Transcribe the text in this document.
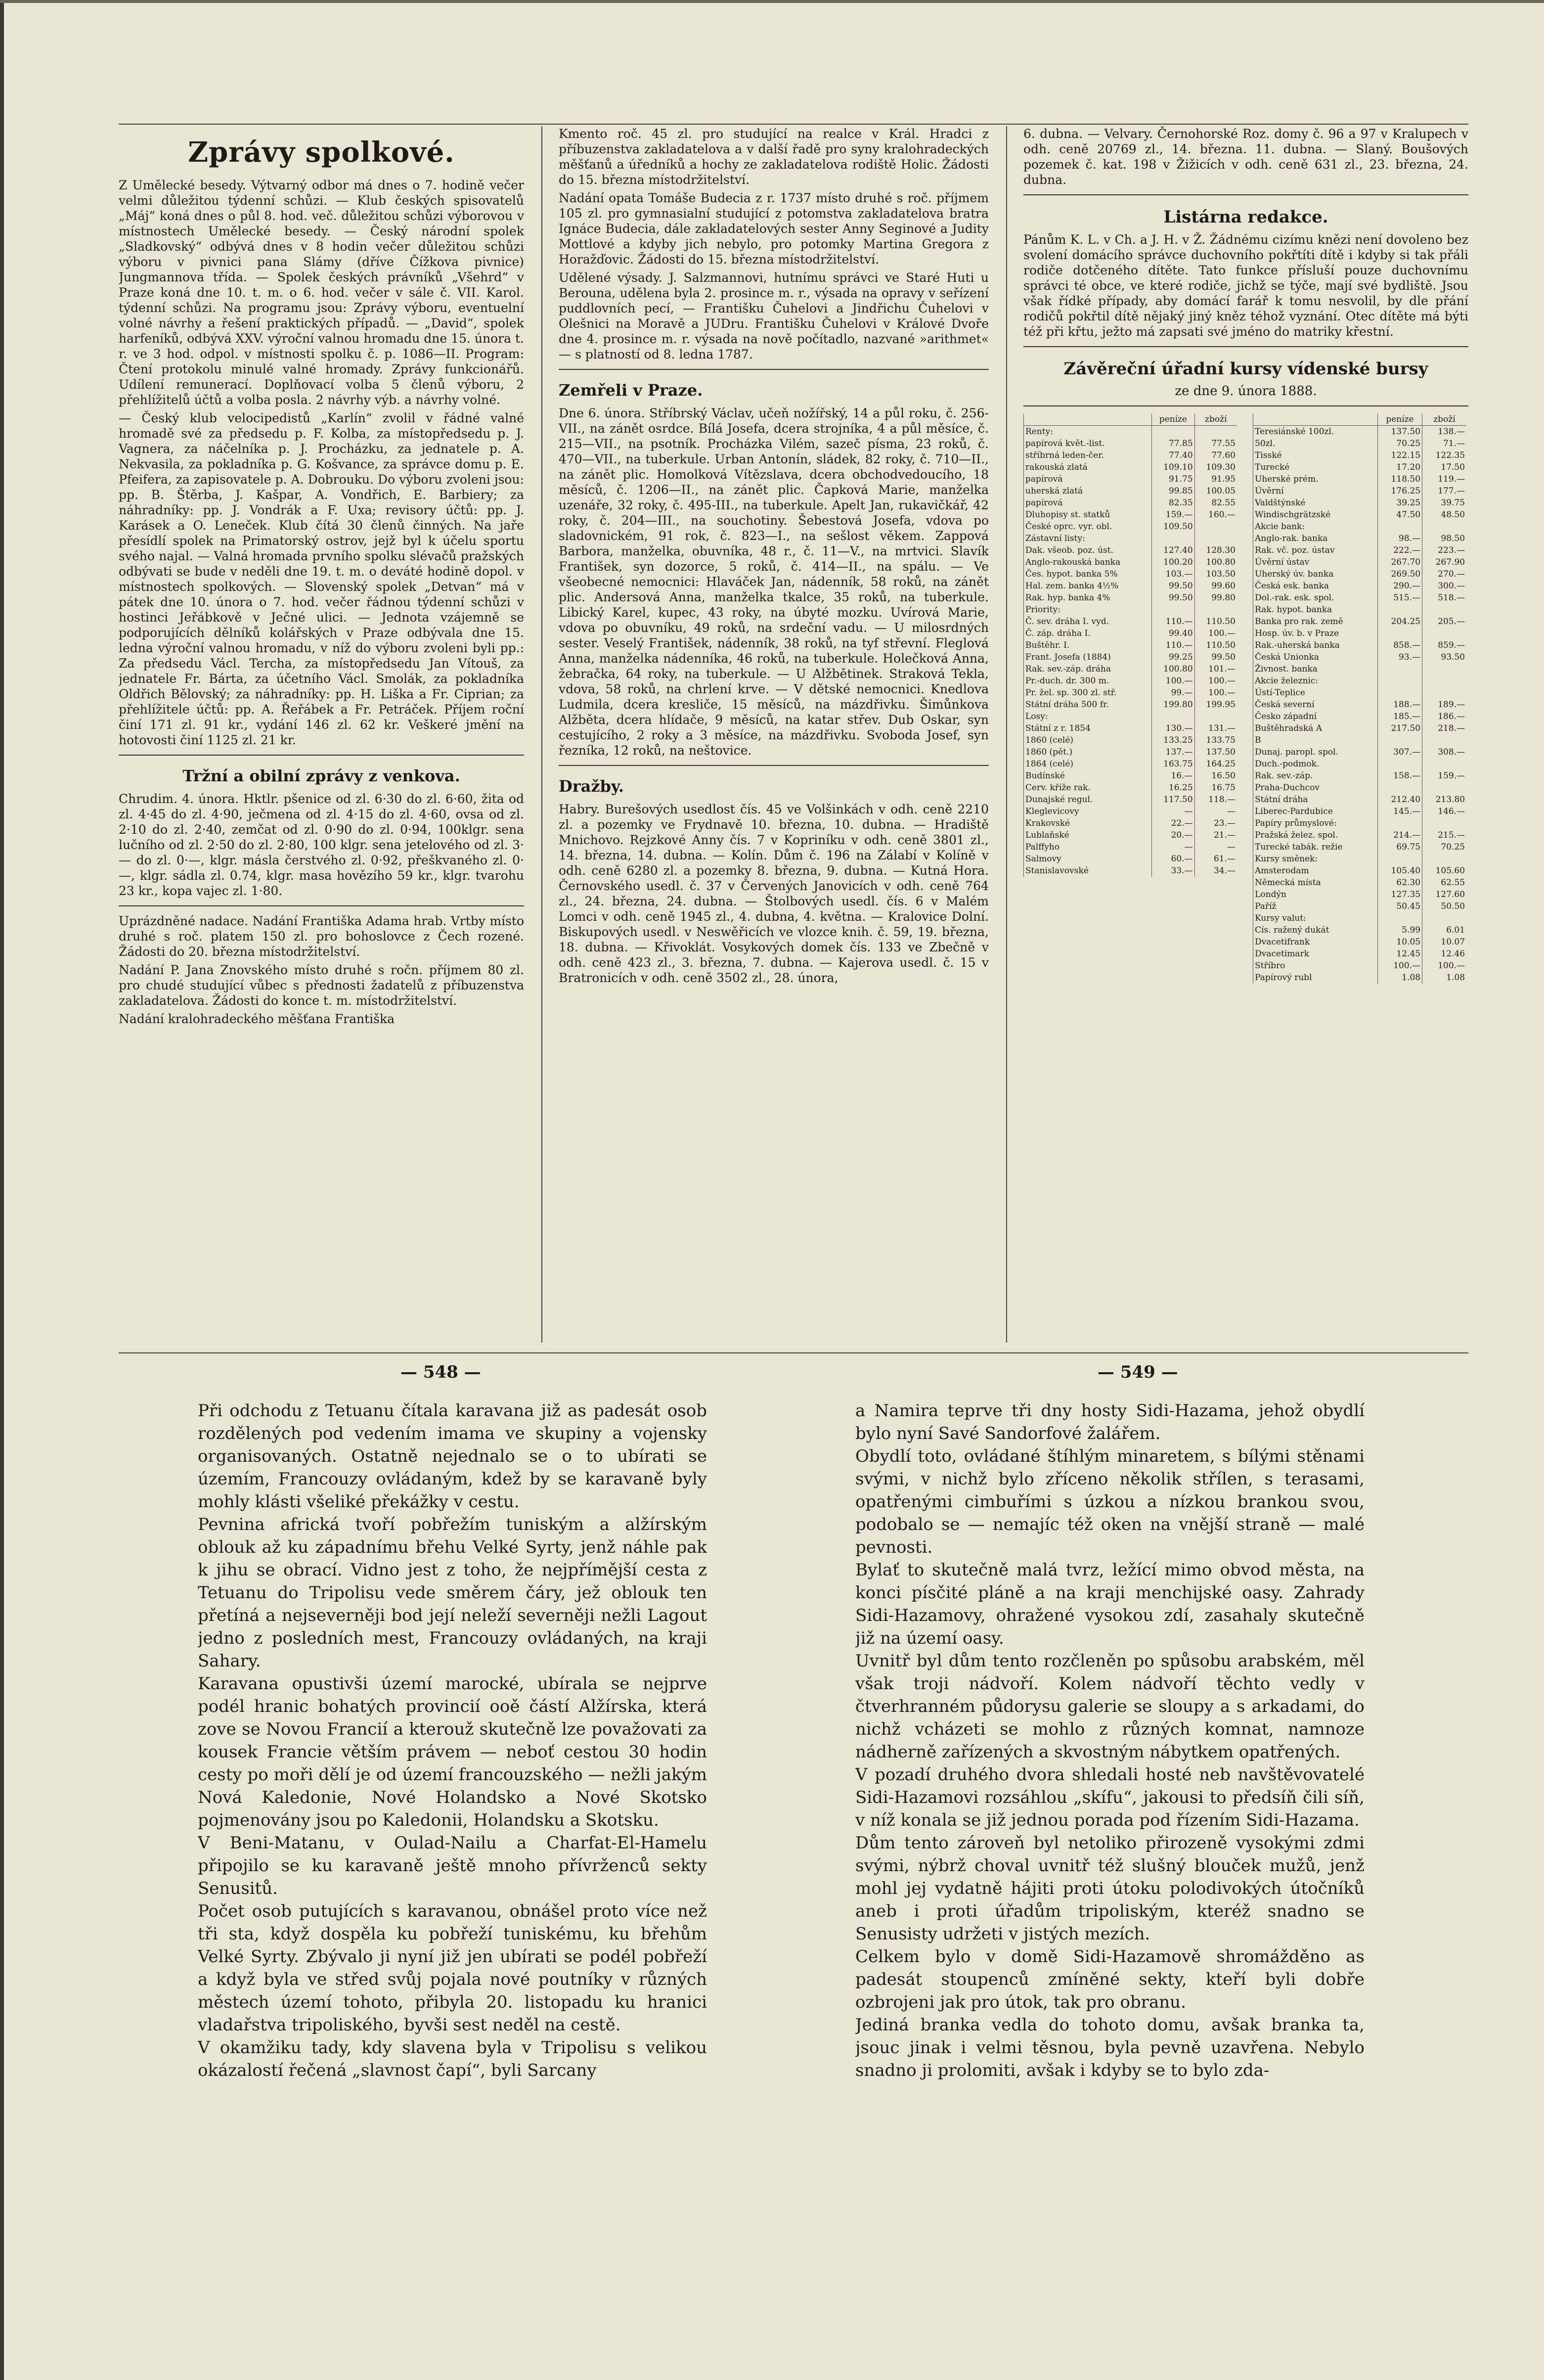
Zprávy spolkové.

Z Umělecké besedy. Výtvarný odbor má dnes o 7. hodině večer velmi důležitou týdenní schůzi. — Klub českých spisovatelů „Máj“ koná dnes o půl 8. hod. več. důležitou schůzi výborovou v místnostech Umělecké besedy. — Český národní spolek „Sladkovský“ odbývá dnes v 8 hodin večer důležitou schůzi výboru v pivnici pana Slámy (dříve Čížkova pivnice) Jungmannova třída. — Spolek českých právníků „Všehrd“ v Praze koná dne 10. t. m. o 6. hod. večer v sále č. VII. Karol. týdenní schůzi. Na programu jsou: Zprávy výboru, eventuelní volné návrhy a řešení praktických případů. — „David“, spolek harfeníků, odbývá XXV. výroční valnou hromadu dne 15. února t. r. ve 3 hod. odpol. v místnosti spolku č. p. 1086—II. Program: Čtení protokolu minulé valné hromady. Zprávy funkcionářů. Udílení remunerací. Doplňovací volba 5 členů výboru, 2 přehlížitelů účtů a volba posla. 2 návrhy výb. a návrhy volné.

— Český klub velocipedistů „Karlín“ zvolil v řádné valné hromadě své za předsedu p. F. Kolba, za místopředsedu p. J. Vagnera, za náčelníka p. J. Procházku, za jednatele p. A. Nekvasila, za pokladníka p. G. Košvance, za správce domu p. E. Pfeifera, za zapisovatele p. A. Dobrouku. Do výboru zvoleni jsou: pp. B. Štěrba, J. Kašpar, A. Vondřich, E. Barbiery; za náhradníky: pp. J. Vondrák a F. Uxa; revisory účtů: pp. J. Karásek a O. Leneček. Klub čítá 30 členů činných. Na jaře přesídlí spolek na Primatorský ostrov, jejž byl k účelu sportu svého najal. — Valná hromada prvního spolku slévačů pražských odbývati se bude v neděli dne 19. t. m. o deváté hodině dopol. v místnostech spolkových. — Slovenský spolek „Detvan“ má v pátek dne 10. února o 7. hod. večer řádnou týdenní schůzi v hostinci Jeřábkově v Ječné ulici. — Jednota vzájemně se podporujících dělníků kolářských v Praze odbývala dne 15. ledna výroční valnou hromadu, v níž do výboru zvoleni byli pp.: Za předsedu Václ. Tercha, za místopředsedu Jan Vítouš, za jednatele Fr. Bárta, za účetního Václ. Smolák, za pokladníka Oldřich Bělovský; za náhradníky: pp. H. Liška a Fr. Ciprian; za přehlížitele účtů: pp. A. Řeřábek a Fr. Petráček. Příjem roční činí 171 zl. 91 kr., vydání 146 zl. 62 kr. Veškeré jmění na hotovosti činí 1125 zl. 21 kr.

Tržní a obilní zprávy z venkova.

Chrudim. 4. února. Hktlr. pšenice od zl. 6·30 do zl. 6·60, žita od zl. 4·45 do zl. 4·90, ječmena od zl. 4·15 do zl. 4·60, ovsa od zl. 2·10 do zl. 2·40, zemčat od zl. 0·90 do zl. 0·94, 100klgr. sena lučního od zl. 2·50 do zl. 2·80, 100 klgr. sena jetelového od zl. 3·— do zl. 0·—, klgr. másla čerstvého zl. 0·92, přeškvaného zl. 0·—, klgr. sádla zl. 0.74, klgr. masa hovězího 59 kr., klgr. tvarohu 23 kr., kopa vajec zl. 1·80.

Uprázdněné nadace. Nadání Františka Adama hrab. Vrtby místo druhé s roč. platem 150 zl. pro bohoslovce z Čech rozené. Žádosti do 20. března místodržitelství.

Nadání P. Jana Znovského místo druhé s ročn. příjmem 80 zl. pro chudé studující vůbec s přednosti žadatelů z příbuzenstva zakladatelova. Žádosti do konce t. m. místodržitelství.

Nadání kralohradeckého měšťana Františka

Kmento roč. 45 zl. pro studující na realce v Král. Hradci z příbuzenstva zakladatelova a v další řadě pro syny kralohradeckých měšťanů a úředníků a hochy ze zakladatelova rodiště Holic. Žádosti do 15. března místodržitelství.

Nadání opata Tomáše Budecia z r. 1737 místo druhé s roč. příjmem 105 zl. pro gymnasialní studující z potomstva zakladatelova bratra Ignáce Budecia, dále zakladatelových sester Anny Seginové a Judity Mottlové a kdyby jich nebylo, pro potomky Martina Gregora z Horažďovic. Žádosti do 15. března místodržitelství.

Udělené výsady. J. Salzmannovi, hutnímu správci ve Staré Huti u Berouna, udělena byla 2. prosince m. r., výsada na opravy v seřízení puddlovních pecí, — Františku Čuhelovi a Jindřichu Čuhelovi v Olešnici na Moravě a JUDru. Františku Čuhelovi v Králové Dvoře dne 4. prosince m. r. výsada na nově počítadlo, nazvané »arithmet« — s platností od 8. ledna 1787.

Zemřeli v Praze.

Dne 6. února. Stříbrský Václav, učeň nožířský, 14 a půl roku, č. 256-VII., na zánět osrdce. Bílá Josefa, dcera strojníka, 4 a půl měsíce, č. 215—VII., na psotník. Procházka Vilém, sazeč písma, 23 roků, č. 470—VII., na tuberkule. Urban Antonín, sládek, 82 roky, č. 710—II., na zánět plic. Homolková Vítězslava, dcera obchodvedoucího, 18 měsíců, č. 1206—II., na zánět plic. Čapková Marie, manželka uzenáře, 32 roky, č. 495-III., na tuberkule. Apelt Jan, rukavičkář, 42 roky, č. 204—III., na souchotiny. Šebestová Josefa, vdova po sladovnickém, 91 rok, č. 823—I., na sešlost věkem. Zappová Barbora, manželka, obuvníka, 48 r., č. 11—V., na mrtvici. Slavík František, syn dozorce, 5 roků, č. 414—II., na spálu. — Ve všeobecné nemocnici: Hlaváček Jan, nádenník, 58 roků, na zánět plic. Andersová Anna, manželka tkalce, 35 roků, na tuberkule. Libický Karel, kupec, 43 roky, na úbyté mozku. Uvírová Marie, vdova po obuvníku, 49 roků, na srdeční vadu. — U milosrdných sester. Veselý František, nádenník, 38 roků, na tyf střevní. Fleglová Anna, manželka nádenníka, 46 roků, na tuberkule. Holečková Anna, žebračka, 64 roky, na tuberkule. — U Alžbětinek. Straková Tekla, vdova, 58 roků, na chrlení krve. — V dětské nemocnici. Knedlova Ludmila, dcera kresliče, 15 měsíců, na mázdřivku. Šimůnkova Alžběta, dcera hlídače, 9 měsíců, na katar střev. Dub Oskar, syn cestujícího, 2 roky a 3 měsíce, na mázdřivku. Svoboda Josef, syn řezníka, 12 roků, na neštovice.

Dražby.

Habry. Burešových usedlost čís. 45 ve Volšinkách v odh. ceně 2210 zl. a pozemky ve Frydnavě 10. března, 10. dubna. — Hradiště Mnichovo. Rejzkové Anny čís. 7 v Kopriníku v odh. ceně 3801 zl., 14. března, 14. dubna. — Kolín. Dům č. 196 na Zálabí v Kolíně v odh. ceně 6280 zl. a pozemky 8. března, 9. dubna. — Kutná Hora. Černovského usedl. č. 37 v Červených Janovicích v odh. ceně 764 zl., 24. března, 24. dubna. — Štolbových usedl. čís. 6 v Malém Lomci v odh. ceně 1945 zl., 4. dubna, 4. května. — Kralovice Dolní. Biskupových usedl. v Neswěřicích ve vlozce knih. č. 59, 19. března, 18. dubna. — Křivoklát. Vosykových domek čís. 133 ve Zbečně v odh. ceně 423 zl., 3. března, 7. dubna. — Kajerova usedl. č. 15 v Bratronicích v odh. ceně 3502 zl., 28. února,

6. dubna. — Velvary. Černohorské Roz. domy č. 96 a 97 v Kralupech v odh. ceně 20769 zl., 14. března. 11. dubna. — Slaný. Boušových pozemek č. kat. 198 v Žižicích v odh. ceně 631 zl., 23. března, 24. dubna.

Listárna redakce.

Pánům K. L. v Ch. a J. H. v Ž. Žádnému cizímu knězi není dovoleno bez svolení domácího správce duchovního pokřtíti dítě i kdyby si tak přáli rodiče dotčeného dítěte. Tato funkce přísluší pouze duchovnímu správci té obce, ve které rodiče, jichž se týče, mají své bydliště. Jsou však řídké případy, aby domácí farář k tomu nesvolil, by dle přání rodičů pokřtil dítě nějaký jiný kněz téhož vyznání. Otec dítěte má býti též při křtu, ježto má zapsati své jméno do matriky křestní.

Závěreční úřadní kursy vídenské bursy
ze dne 9. února 1888.
	peníze	zboží
Renty:		
papírová květ.-list.	77.85	77.55
stříbrná leden-čer.	77.40	77.60
rakouská zlatá	109.10	109.30
papírová	91.75	91.95
uherská zlatá	99.85	100.05
papírová	82.35	82.55
Dluhopisy st. statků	159.—	160.—
České oprc. vyr. obl.	109.50	
Zástavní listy:		
Dak. všeob. poz. úst.	127.40	128.30
Anglo-rakouská banka	100.20	100.80
Čes. hypot. banka 5%	103.—	103.50
Hal. zem. banka 4½%	99.50	99.60
Rak. hyp. banka 4%	99.50	99.80
Priority:		
Č. sev. dráha I. vyd.	110.—	110.50
Č. záp. dráha I.	99.40	100.—
Buštěhr. I.	110.—	110.50
Frant. Josefa (1884)	99.25	99.50
Rak. sev.-záp. dráha	100.80	101.—
Pr.-duch. dr. 300 m.	100.—	100.—
Pr. žel. sp. 300 zl. stř.	99.—	100.—
Státní dráha 500 fr.	199.80	199.95
Losy:		
Státní z r. 1854	130.—	131.—
1860 (celé)	133.25	133.75
1860 (pět.)	137.—	137.50
1864 (celé)	163.75	164.25
Budínské	16.—	16.50
Cerv. kříže rak.	16.25	16.75
Dunajské regul.	117.50	118.—
Kleglevicovy	—	—
Krakovské	22.—	23.—
Lublaňské	20.—	21.—
Palffyho	—	—
Salmovy	60.—	61.—
Stanislavovské	33.—	34.—

	peníze	zboží
Teresiánské 100zl.	137.50	138.—
50zl.	70.25	71.—
Tisské	122.15	122.35
Turecké	17.20	17.50
Uherské prém.	118.50	119.—
Úvěrní	176.25	177.—
Valdštýnské	39.25	39.75
Windischgrätzské	47.50	48.50
Akcie bank:		
Anglo-rak. banka	98.—	98.50
Rak. vč. poz. ústav	222.—	223.—
Úvěrní ústav	267.70	267.90
Uherský úv. banka	269.50	270.—
Česká esk. banka	290.—	300.—
Dol.-rak. esk. spol.	515.—	518.—
Rak. hypot. banka		
Banka pro rak. země	204.25	205.—
Hosp. úv. b. v Praze		
Rak.-uherská banka	858.—	859.—
Česká Unionka	93.—	93.50
Živnost. banka		
Akcie železnic:		
Ústí-Teplice		
Česká severní	188.—	189.—
Česko západní	185.—	186.—
Buštěhradská A	217.50	218.—
B		
Dunaj. paropl. spol.	307.—	308.—
Duch.-podmok.		
Rak. sev.-záp.	158.—	159.—
Praha-Duchcov		
Státní dráha	212.40	213.80
Liberec-Pardubice	145.—	146.—
Papíry průmyslové:		
Pražská želez. spol.	214.—	215.—
Turecké tabák. režie	69.75	70.25
Kursy směnek:		
Amsterodam	105.40	105.60
Německá místa	62.30	62.55
Londýn	127.35	127.60
Paříž	50.45	50.50
Kursy valut:		
Cís. ražený dukát	5.99	6.01
Dvacetifrank	10.05	10.07
Dvacetimark	12.45	12.46
Stříbro	100.—	100.—
Papírový rubl	1.08	1.08
— 548 —	— 549 —

Při odchodu z Tetuanu čítala karavana již as padesát osob rozdělených pod vedením imama ve skupiny a vojensky organisovaných. Ostatně nejednalo se o to ubírati se územím, Francouzy ovládaným, kdež by se karavaně byly mohly klásti všeliké překážky v cestu.

Pevnina africká tvoří pobřežím tuniským a alžírským oblouk až ku západnímu břehu Velké Syrty, jenž náhle pak k jihu se obrací. Vidno jest z toho, že nejpřímější cesta z Tetuanu do Tripolisu vede směrem čáry, jež oblouk ten přetíná a nejseverněji bod její neleží severněji nežli Lagout jedno z posledních mest, Francouzy ovládaných, na kraji Sahary.

Karavana opustivši území marocké, ubírala se nejprve podél hranic bohatých provincií ooě částí Alžírska, která zove se Novou Francií a kterouž skutečně lze považovati za kousek Francie větším právem — neboť cestou 30 hodin cesty po moři dělí je od území francouzského — nežli jakým Nová Kaledonie, Nové Holandsko a Nové Skotsko pojmenovány jsou po Kaledonii, Holandsku a Skotsku.

V Beni-Matanu, v Oulad-Nailu a Charfat-El-Hamelu připojilo se ku karavaně ještě mnoho přívrženců sekty Senusitů.

Počet osob putujících s karavanou, obnášel proto více než tři sta, když dospěla ku pobřeží tuniskému, ku břehům Velké Syrty. Zbývalo ji nyní již jen ubírati se podél pobřeží a když byla ve střed svůj pojala nové poutníky v různých městech území tohoto, přibyla 20. listopadu ku hranici vladařstva tripoliského, byvši sest neděl na cestě.

V okamžiku tady, kdy slavena byla v Tripolisu s velikou okázalostí řečená „slavnost čapí“, byli Sarcany

a Namira teprve tři dny hosty Sidi-Hazama, jehož obydlí bylo nyní Savé Sandorfové žalářem.

Obydlí toto, ovládané štíhlým minaretem, s bílými stěnami svými, v nichž bylo zříceno několik střílen, s terasami, opatřenými cimbuřími s úzkou a nízkou brankou svou, podobalo se — nemajíc též oken na vnější straně — malé pevnosti.

Bylať to skutečně malá tvrz, ležící mimo obvod města, na konci písčité pláně a na kraji menchijské oasy. Zahrady Sidi-Hazamovy, ohražené vysokou zdí, zasahaly skutečně již na území oasy.

Uvnitř byl dům tento rozčleněn po spůsobu arabském, měl však troji nádvoří. Kolem nádvoří těchto vedly v čtverhranném půdorysu galerie se sloupy a s arkadami, do nichž vcházeti se mohlo z různých komnat, namnoze nádherně zařízených a skvostným nábytkem opatřených.

V pozadí druhého dvora shledali hosté neb navštěvovatelé Sidi-Hazamovi rozsáhlou „skífu“, jakousi to předsíň čili síň, v níž konala se již jednou porada pod řízením Sidi-Hazama.

Dům tento zároveň byl netoliko přirozeně vysokými zdmi svými, nýbrž choval uvnitř též slušný blouček mužů, jenž mohl jej vydatně hájiti proti útoku polodivokých útočníků aneb i proti úřadům tripoliským, kteréž snadno se Senusisty udržeti v jistých mezích.

Celkem bylo v domě Sidi-Hazamově shromážděno as padesát stoupenců zmíněné sekty, kteří byli dobře ozbrojeni jak pro útok, tak pro obranu.

Jediná branka vedla do tohoto domu, avšak branka ta, jsouc jinak i velmi těsnou, byla pevně uzavřena. Nebylo snadno ji prolomiti, avšak i kdyby se to bylo zda-
